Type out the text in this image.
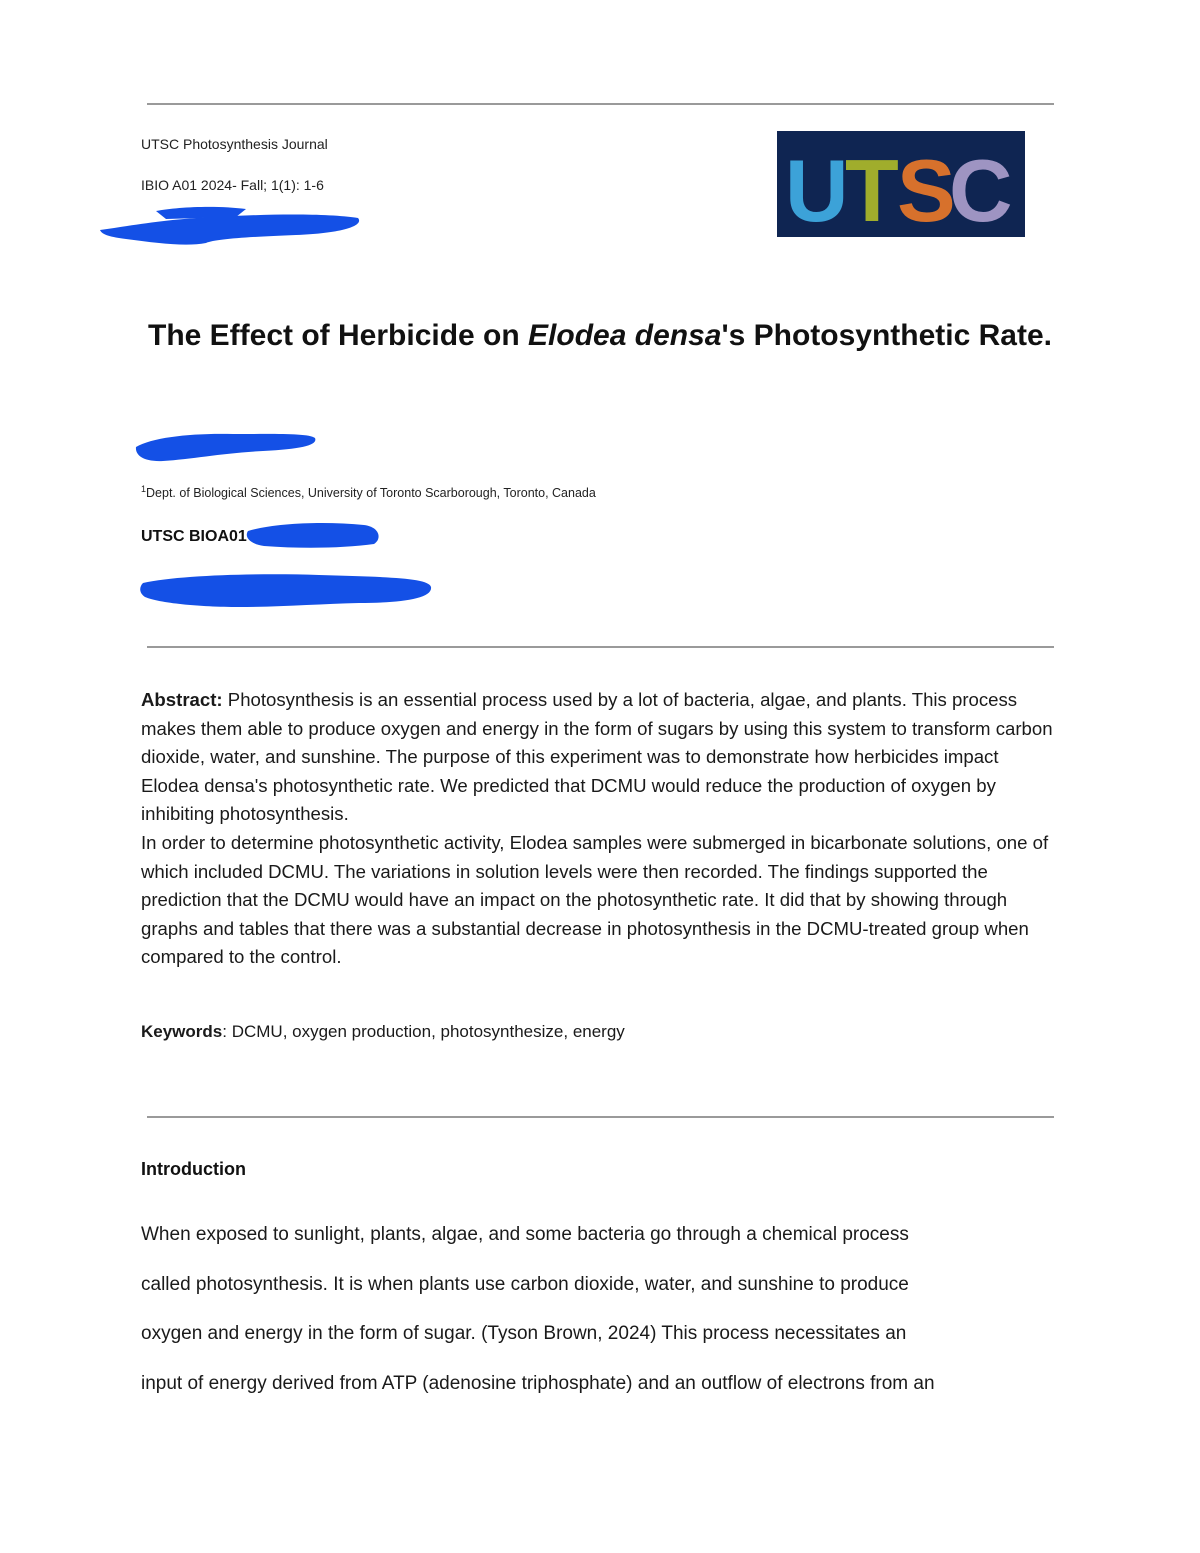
UTSC Photosynthesis Journal
IBIO A01 2024- Fall; 1(1): 1-6	U
T
S
C
The Effect of Herbicide on Elodea densa's Photosynthetic Rate.
$^1$Dept. of Biological Sciences, University of Toronto Scarborough, Toronto, Canada
UTSC BIOA01

Abstract: Photosynthesis is an essential process used by a lot of bacteria, algae, and plants. This process makes them able to produce oxygen and energy in the form of sugars by using this system to transform carbon dioxide, water, and sunshine. The purpose of this experiment was to demonstrate how herbicides impact Elodea densa's photosynthetic rate. We predicted that DCMU would reduce the production of oxygen by inhibiting photosynthesis.

In order to determine photosynthetic activity, Elodea samples were submerged in bicarbonate solutions, one of which included DCMU. The variations in solution levels were then recorded. The findings supported the prediction that the DCMU would have an impact on the photosynthetic rate. It did that by showing through graphs and tables that there was a substantial decrease in photosynthesis in the DCMU-treated group when compared to the control.

Keywords: DCMU, oxygen production, photosynthesize, energy
Introduction
When exposed to sunlight, plants, algae, and some bacteria go through a chemical process
called photosynthesis. It is when plants use carbon dioxide, water, and sunshine to produce
oxygen and energy in the form of sugar. (Tyson Brown, 2024) This process necessitates an
input of energy derived from ATP (adenosine triphosphate) and an outflow of electrons from an
